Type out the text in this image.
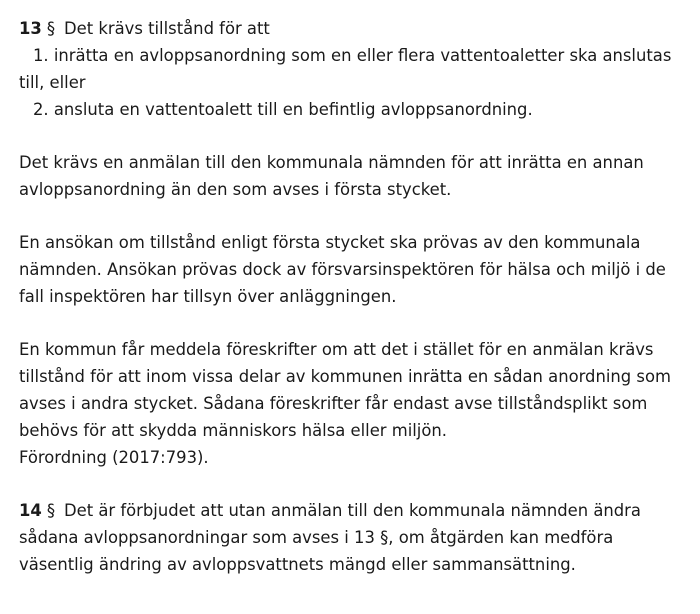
13 § Det krävs tillstånd för att

1. inrätta en avloppsanordning som en eller flera vattentoaletter ska anslutas till, eller

2. ansluta en vattentoalett till en befintlig avloppsanordning.

Det krävs en anmälan till den kommunala nämnden för att inrätta en annan avloppsanordning än den som avses i första stycket.

En ansökan om tillstånd enligt första stycket ska prövas av den kommunala nämnden. Ansökan prövas dock av försvarsinspektören för hälsa och miljö i de fall inspektören har tillsyn över anläggningen.

En kommun får meddela föreskrifter om att det i stället för en anmälan krävs tillstånd för att inom vissa delar av kommunen inrätta en sådan anordning som avses i andra stycket. Sådana föreskrifter får endast avse tillståndsplikt som behövs för att skydda människors hälsa eller miljön.

Förordning (2017:793).

14 § Det är förbjudet att utan anmälan till den kommunala nämnden ändra sådana avloppsanordningar som avses i 13 §, om åtgärden kan medföra väsentlig ändring av avloppsvattnets mängd eller sammansättning.
